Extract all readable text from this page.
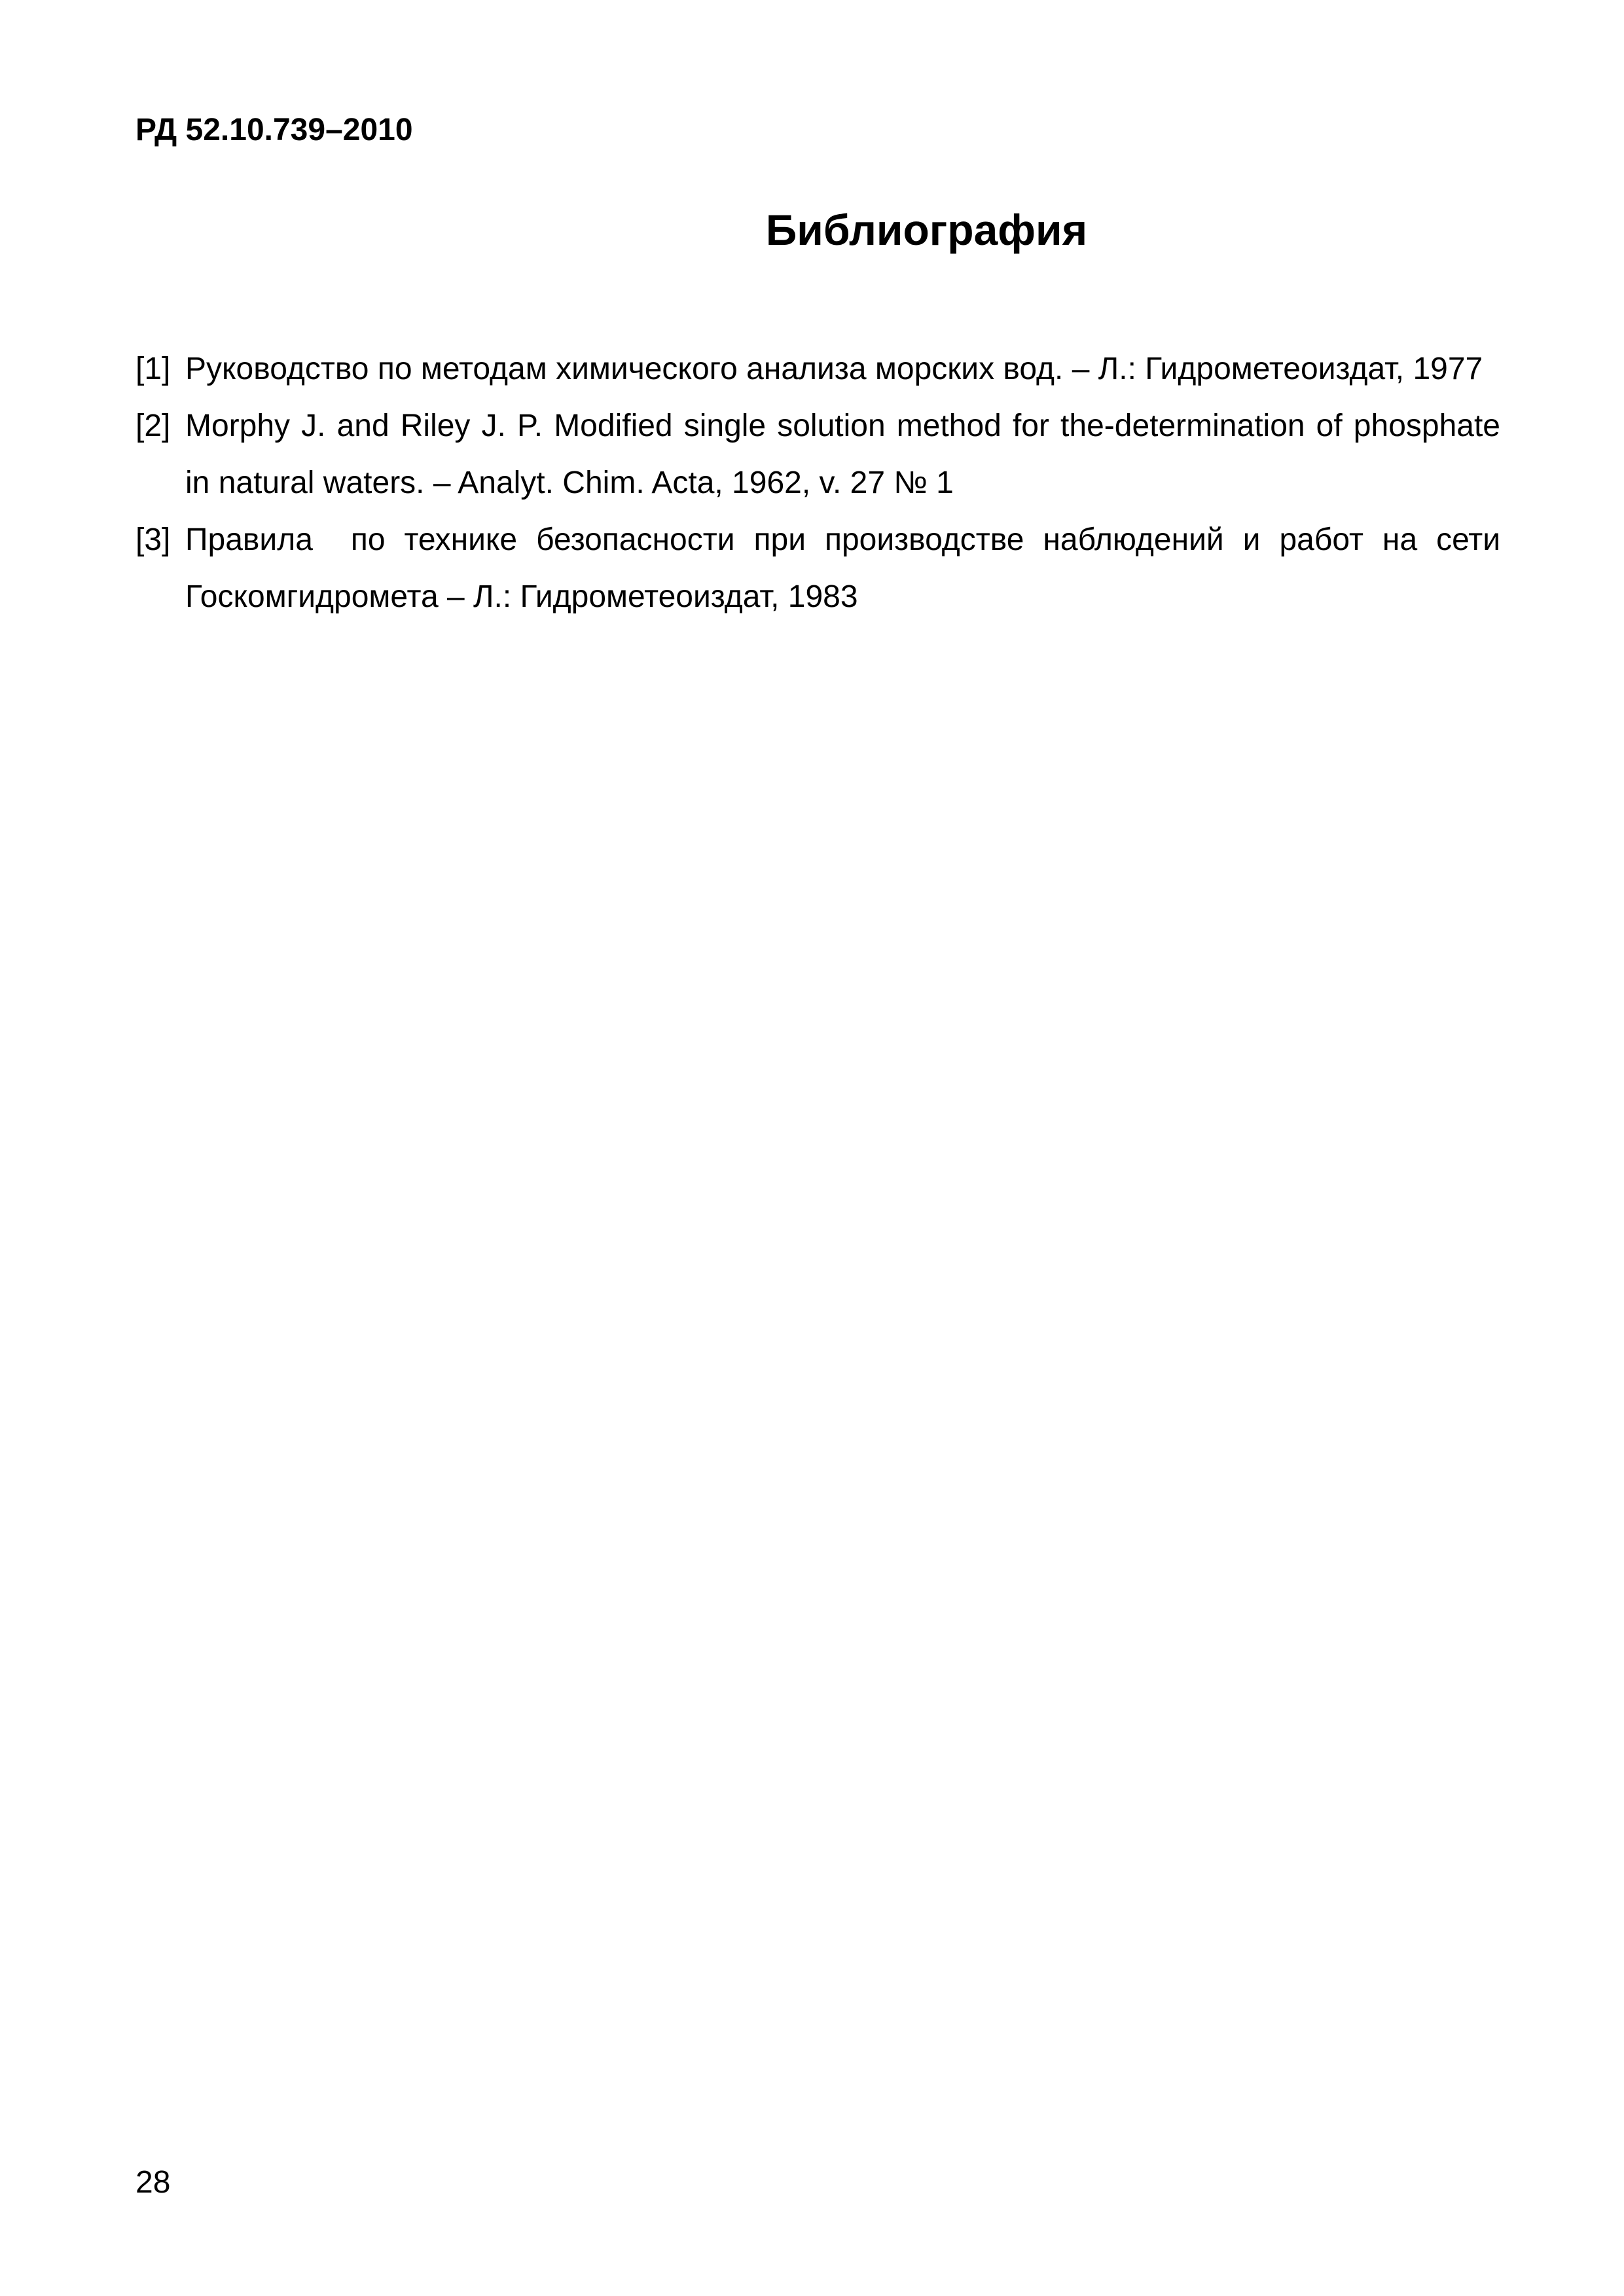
РД 52.10.739–2010
Библиография
[1] Руководство по методам химического анализа морских вод. – Л.: Гидрометеоиздат, 1977
[2] Morphy J. and Riley J. P. Modified single solution method for the-determination of phosphate in natural waters. – Analyt. Chim. Acta, 1962, v. 27 № 1
[3] Правила  по технике безопасности при производстве наблюдений и работ на сети Госкомгидромета – Л.: Гидрометеоиздат, 1983
28
